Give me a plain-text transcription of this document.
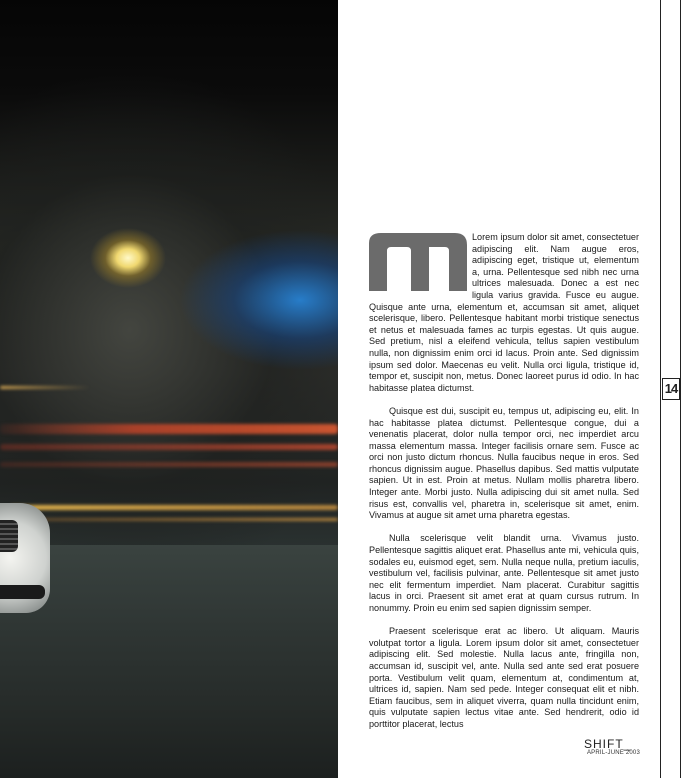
14

Lorem ipsum dolor sit amet, consectetuer adipiscing elit. Nam augue eros, adipiscing eget, tristique ut, elementum a, urna. Pellentesque sed nibh nec urna ultrices malesuada. Donec a est nec ligula varius gravida. Fusce eu augue. Quisque ante urna, elementum et, accumsan sit amet, aliquet scelerisque, libero. Pellentesque habitant morbi tristique senectus et netus et malesuada fames ac turpis egestas. Ut quis augue. Sed pretium, nisl a eleifend vehicula, tellus sapien vestibulum nulla, non dignissim enim orci id lacus. Proin ante. Sed dignissim ipsum sed dolor. Maecenas eu velit. Nulla orci ligula, tristique id, tempor et, suscipit non, metus. Donec laoreet purus id odio. In hac habitasse platea dictumst.

Quisque est dui, suscipit eu, tempus ut, adipiscing eu, elit. In hac habitasse platea dictumst. Pellentesque congue, dui a venenatis placerat, dolor nulla tempor orci, nec imperdiet arcu massa elementum massa. Integer facilisis ornare sem. Fusce ac orci non justo dictum rhoncus. Nulla faucibus neque in eros. Sed rhoncus dignissim augue. Phasellus dapibus. Sed mattis vulputate sapien. Ut in est. Proin at metus. Nullam mollis pharetra libero. Integer ante. Morbi justo. Nulla adipiscing dui sit amet nulla. Sed risus est, convallis vel, pharetra in, scelerisque sit amet, enim. Vivamus at augue sit amet urna pharetra egestas.

Nulla scelerisque velit blandit urna. Vivamus justo. Pellentesque sagittis aliquet erat. Phasellus ante mi, vehicula quis, sodales eu, euismod eget, sem. Nulla neque nulla, pretium iaculis, vestibulum vel, facilisis pulvinar, ante. Pellentesque sit amet justo nec elit fermentum imperdiet. Nam placerat. Curabitur sagittis lacus in orci. Praesent sit amet erat at quam cursus rutrum. In nonummy. Proin eu enim sed sapien dignissim semper.

Praesent scelerisque erat ac libero. Ut aliquam. Mauris volutpat tortor a ligula. Lorem ipsum dolor sit amet, consectetuer adipiscing elit. Sed molestie. Nulla lacus ante, fringilla non, accumsan id, suscipit vel, ante. Nulla sed ante sed erat posuere porta. Vestibulum velit quam, elementum at, condimentum at, ultrices id, sapien. Nam sed pede. Integer consequat elit et nibh. Etiam faucibus, sem in aliquet viverra, quam nulla tincidunt enim, quis vulputate sapien lectus vitae ante. Sed hendrerit, odio id porttitor placerat, lectus

SHIFT_
APRIL-JUNE 2003
